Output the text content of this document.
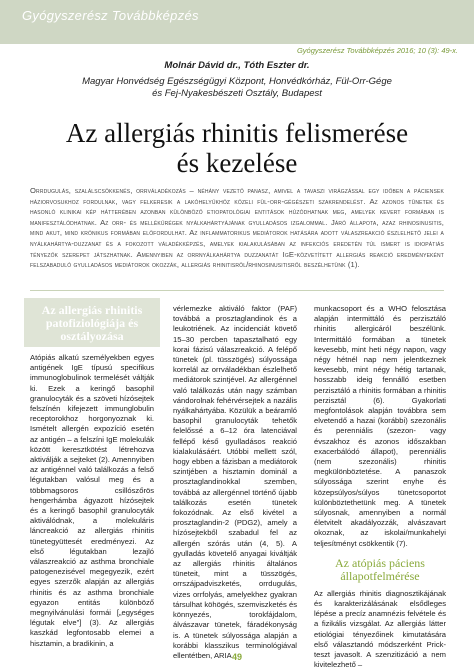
Gyógyszerész Továbbképzés
Gyógyszerész Továbbképzés 2016; 10 (3): 49-x.
Molnár Dávid dr., Tóth Eszter dr.
Magyar Honvédség Egészségügyi Központ, Honvédkórház, Fül-Orr-Gége
és Fej-Nyakesbészeti Osztály, Budapest
Az allergiás rhinitis felismerése
és kezelése
Orrdugulás, szalálscsökkenés, orrváladékozás – néhány vezető panasz, amivel a tavaszi virágzással egy időben a páciensek háziorvosukhoz fordulnak, vagy felkeresik a lakóhelyükhöz közeli fül-orr-gégészeti szakrendelést. Az azonos tünetek és hasonló klinikai kép hátterében azonban különböző etiopatológiai entitások húzódhatnak meg, amelyek kevert formában is manifesztálódhatnak. Az orr- és mellékürégek nyálkahártyájának gyulladásos izgalommal. Járó állapota, azaz rhinosinusitis, mind akut, mind krónikus formában előfordulhat. Az inflammatorikus mediátorok hatására adott válaszreakció észlelhető jelei a nyálkahártya-duzzanat és a fokozott váladékképzés, amelyek kialakulásában az infekciós eredetén túl ismert is idiopátiás tényezők szerepet játszhatnak. Amennyiben az orrnyálkahártya duzzanatát IgE-közvetített allergiás reakció eredményeként felszabaduló gyulladásos mediátorok okozzák, allergiás rhinitisről/rhinosinusitisről beszélhetünk (1).
Az allergiás rhinitis patofiziológiája és osztályozása

Atópiás alkatú személyekben egyes antigének IgE típusú specifikus immunoglobulinok termelését váltják ki. Ezek a keringő basophil granulocyták és a szöveti hízósejtek felszínén kifejezett immunglobulin receptorokhoz horgonyoznak ki. Ismételt allergén expozíció esetén az antigén – a felszíni IgE molekulák között keresztkötést létrehozva aktiválják a sejteket (2). Amennyiben az antigénnel való találkozás a felső légutakban valósul meg és a többmagsoros csillószőrös hengerhámba ágyazott hízósejtek és a keringő basophil granulocyták aktiválódnak, a molekuláris láncreakció az allergiás rhinitis tünetegyüttesét eredményezi. Az első légutakban lezajló válaszreakció az asthma bronchiale patogenezisével megegyezik, ezért egyes szerzők alapján az allergiás rhinitis és az asthma bronchiale egyazon entitás különböző megnyilvánulási formái [„egységes légutak elve"] (3). Az allergiás kaszkád legfontosabb elemei a hisztamin, a bradikinin, a

vérlemezke aktiváló faktor (PAF) továbbá a prosztaglandinok és a leukotriének. Az incidenciát követő 15–30 percben tapasztalható egy korai fázisú válaszreakció. A felépő tünetek (pl. tüsszögés) súlyossága korrelál az orrváladékban észlelhető mediátorok szintjével. Az allergénnel való találkozás után nagy számban vándorolnak fehérvérsejtek a nazális nyálkahártyába. Közülük a beáramló basophil granulocyták tehetők felelőssé a 6–12 óra latenciával fellépő késő gyulladásos reakció kialakulásáért. Utóbbi mellett szól, hogy ebben a fázisban a mediátorok szintjében a hisztamin dominál a prosztaglandinokkal szemben, továbbá az allergénnel történő újabb találkozás esetén tünetek fokozódnak. Az első kivétel a prosztaglandin-2 (PDG2), amely a hízósejtekből szabadul fel az allergén szórás után (4, 5). A gyulladás követelő anyagai kiváltják az allergiás rhinitis általános tüneteit, mint a tüsszögés, orrszájpadviszketés, orrdugulás, vizes orrfolyás, amelyekhez gyakran társulhat köhögés, szemviszketés és könnyezés, torokfájdalom, álvászavar tünetek, fáradékonyság is. A tünetek súlyossága alapján a korábbi klasszikus terminológiával ellentétben, ARIA

munkacsoport és a WHO felosztása alapján intermittáló és perzisztáló rhinitis allergicáról beszélünk. Intermittáló formában a tünetek kevesebb, mint heti négy napon, vagy négy hétnél nap nem jelentkeznek kevesebb, mint négy hétig tartanak, hosszabb ideig fennálló esetben perzisztáló a rhinitis formában a rhinitis perzisztál (6). Gyakorlati megfontolások alapján továbbra sem elvetendő a hazai (korábbi) szezonális és perenniális (szezon- vagy évszakhoz és azonos időszakban exacerbálódó állapot), perenniális (nem szezonális) rhinitis megkülönböztetése. A panaszok súlyossága szerint enyhe és közepsúlyos/súlyos tünetcsoportot különböztethetünk meg. A tünetek súlyosnak, amennyiben a normál életvitelt akadályozzák, alvászavart okoznak, az iskolai/munkahelyi teljesítményt csökkentik (7).

Az atópiás páciens állapotfelmérése

Az allergiás rhinitis diagnosztikájának és karakterizálásának elsődleges lépése a precíz anamnézis felvétele és a fizikális vizsgálat. Az allergiás látter etiológiai tényezőinek kimutatására első választandó módszerként Prick-teszt javasolt. A szenzitizáció a nem kivitelezhető –

49
